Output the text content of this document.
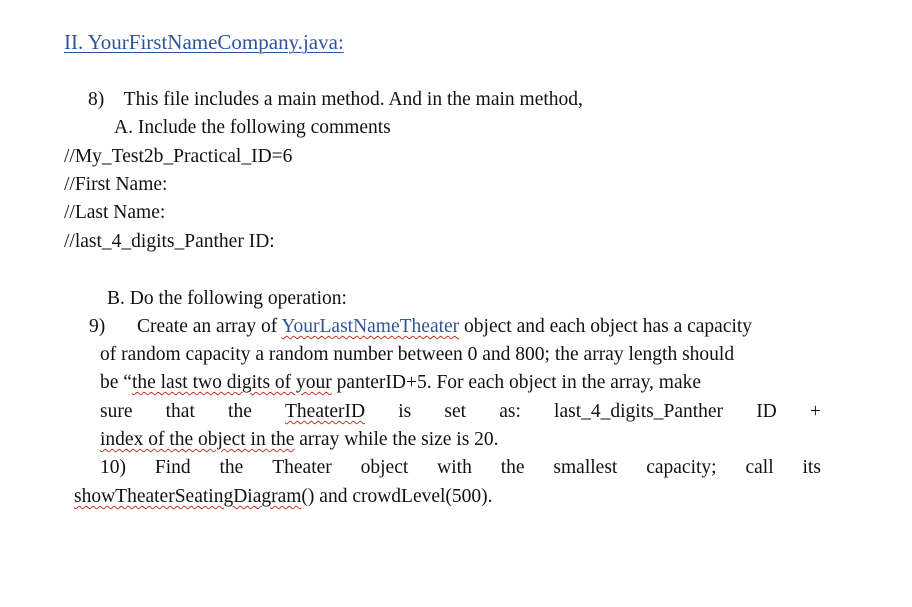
II. YourFirstNameCompany.java:
8) This file includes a main method. And in the main method,
A. Include the following comments
//My_Test2b_Practical_ID=6
//First Name:
//Last Name:
//last_4_digits_Panther ID:
B. Do the following operation:
9) Create an array of YourLastNameTheater object and each object has a capacity
of random capacity a random number between 0 and 800; the array length should
be “the last two digits of your panterID+5. For each object in the array, make
sure that the TheaterID is set as: last_4_digits_Panther ID +
index of the object in the array while the size is 20.
10) Find the Theater object with the smallest capacity; call its
showTheaterSeatingDiagram() and crowdLevel(500).
